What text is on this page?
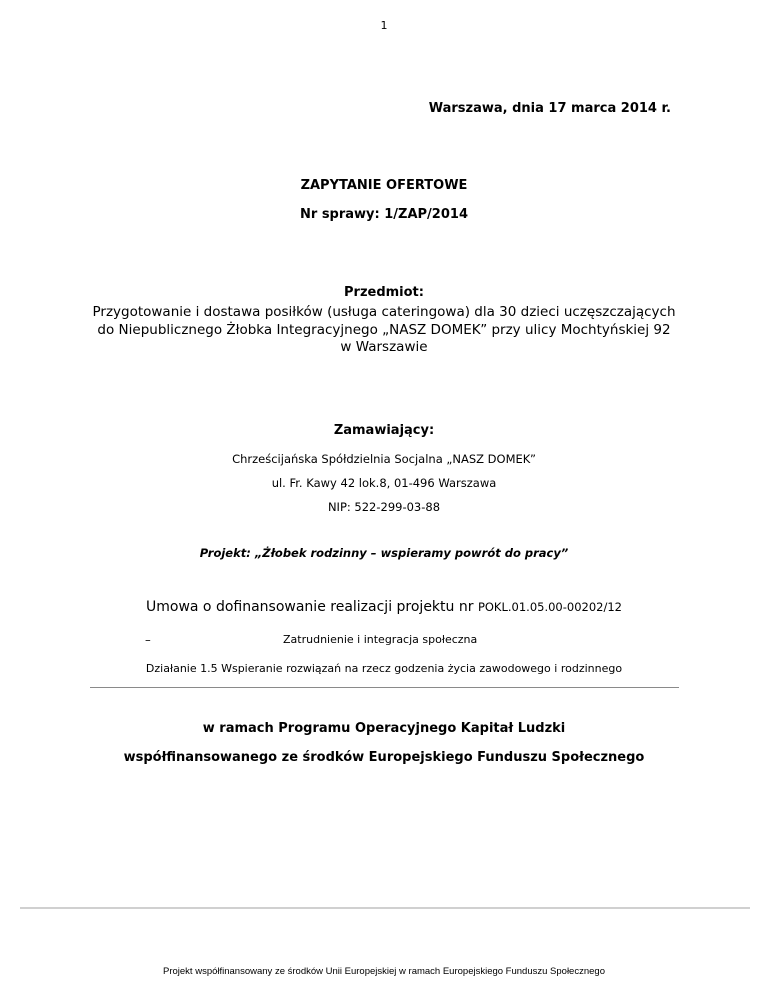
1
Warszawa, dnia 17 marca 2014 r.
ZAPYTANIE OFERTOWE
Nr sprawy: 1/ZAP/2014
Przedmiot:
Przygotowanie i dostawa posiłków (usługa cateringowa) dla 30 dzieci uczęszczających do Niepublicznego Żłobka Integracyjnego „NASZ DOMEK” przy ulicy Mochtyńskiej 92 w Warszawie
Zamawiający:
Chrześcijańska Spółdzielnia Socjalna „NASZ DOMEK”
ul. Fr. Kawy 42 lok.8, 01-496 Warszawa
NIP: 522-299-03-88
Projekt: „Żłobek rodzinny – wspieramy powrót do pracy”
Umowa o dofinansowanie realizacji projektu nr POKL.01.05.00-00202/12
–	Zatrudnienie i integracja społeczna
Działanie 1.5 Wspieranie rozwiązań na rzecz godzenia życia zawodowego i rodzinnego
w ramach Programu Operacyjnego Kapitał Ludzki
współfinansowanego ze środków Europejskiego Funduszu Społecznego
Projekt współfinansowany ze środków Unii Europejskiej w ramach Europejskiego Funduszu Społecznego
